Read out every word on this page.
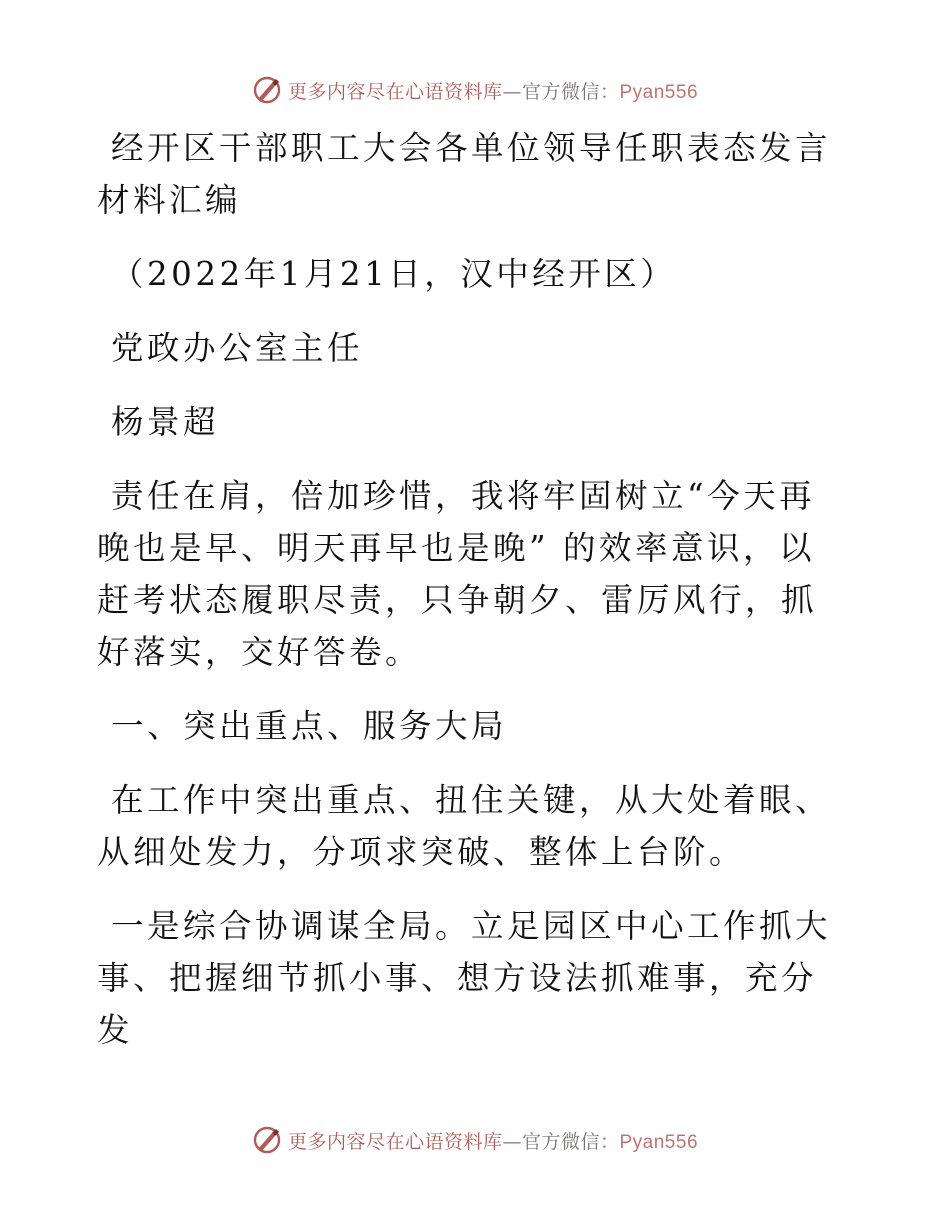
更多内容尽在心语资料库—官方微信：Pyan556

经开区干部职工大会各单位领导任职表态发言材料汇编

（2022年1月21日，汉中经开区）

党政办公室主任

杨景超

责任在肩，倍加珍惜，我将牢固树立“今天再晚也是早、明天再早也是晚” 的效率意识，以赶考状态履职尽责，只争朝夕、雷厉风行，抓好落实，交好答卷。

一、突出重点、服务大局

在工作中突出重点、扭住关键，从大处着眼、从细处发力，分项求突破、整体上台阶。

一是综合协调谋全局。立足园区中心工作抓大事、把握细节抓小事、想方设法抓难事，充分发

更多内容尽在心语资料库—官方微信：Pyan556
